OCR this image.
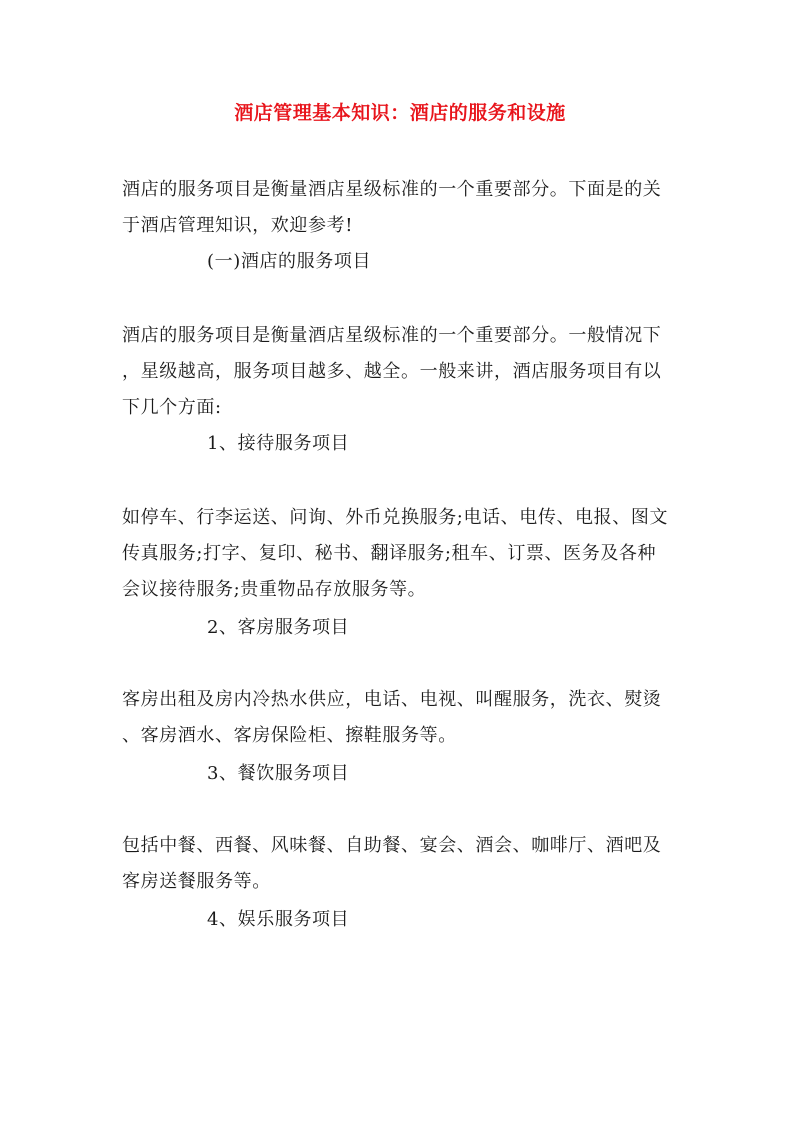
酒店管理基本知识：酒店的服务和设施
酒店的服务项目是衡量酒店星级标准的一个重要部分。下面是的关
于酒店管理知识，欢迎参考!
(一)酒店的服务项目
酒店的服务项目是衡量酒店星级标准的一个重要部分。一般情况下
，星级越高，服务项目越多、越全。一般来讲，酒店服务项目有以
下几个方面:
1、接待服务项目
如停车、行李运送、问询、外币兑换服务;电话、电传、电报、图文
传真服务;打字、复印、秘书、翻译服务;租车、订票、医务及各种
会议接待服务;贵重物品存放服务等。
2、客房服务项目
客房出租及房内冷热水供应，电话、电视、叫醒服务，洗衣、熨烫
、客房酒水、客房保险柜、擦鞋服务等。
3、餐饮服务项目
包括中餐、西餐、风味餐、自助餐、宴会、酒会、咖啡厅、酒吧及
客房送餐服务等。
4、娱乐服务项目
